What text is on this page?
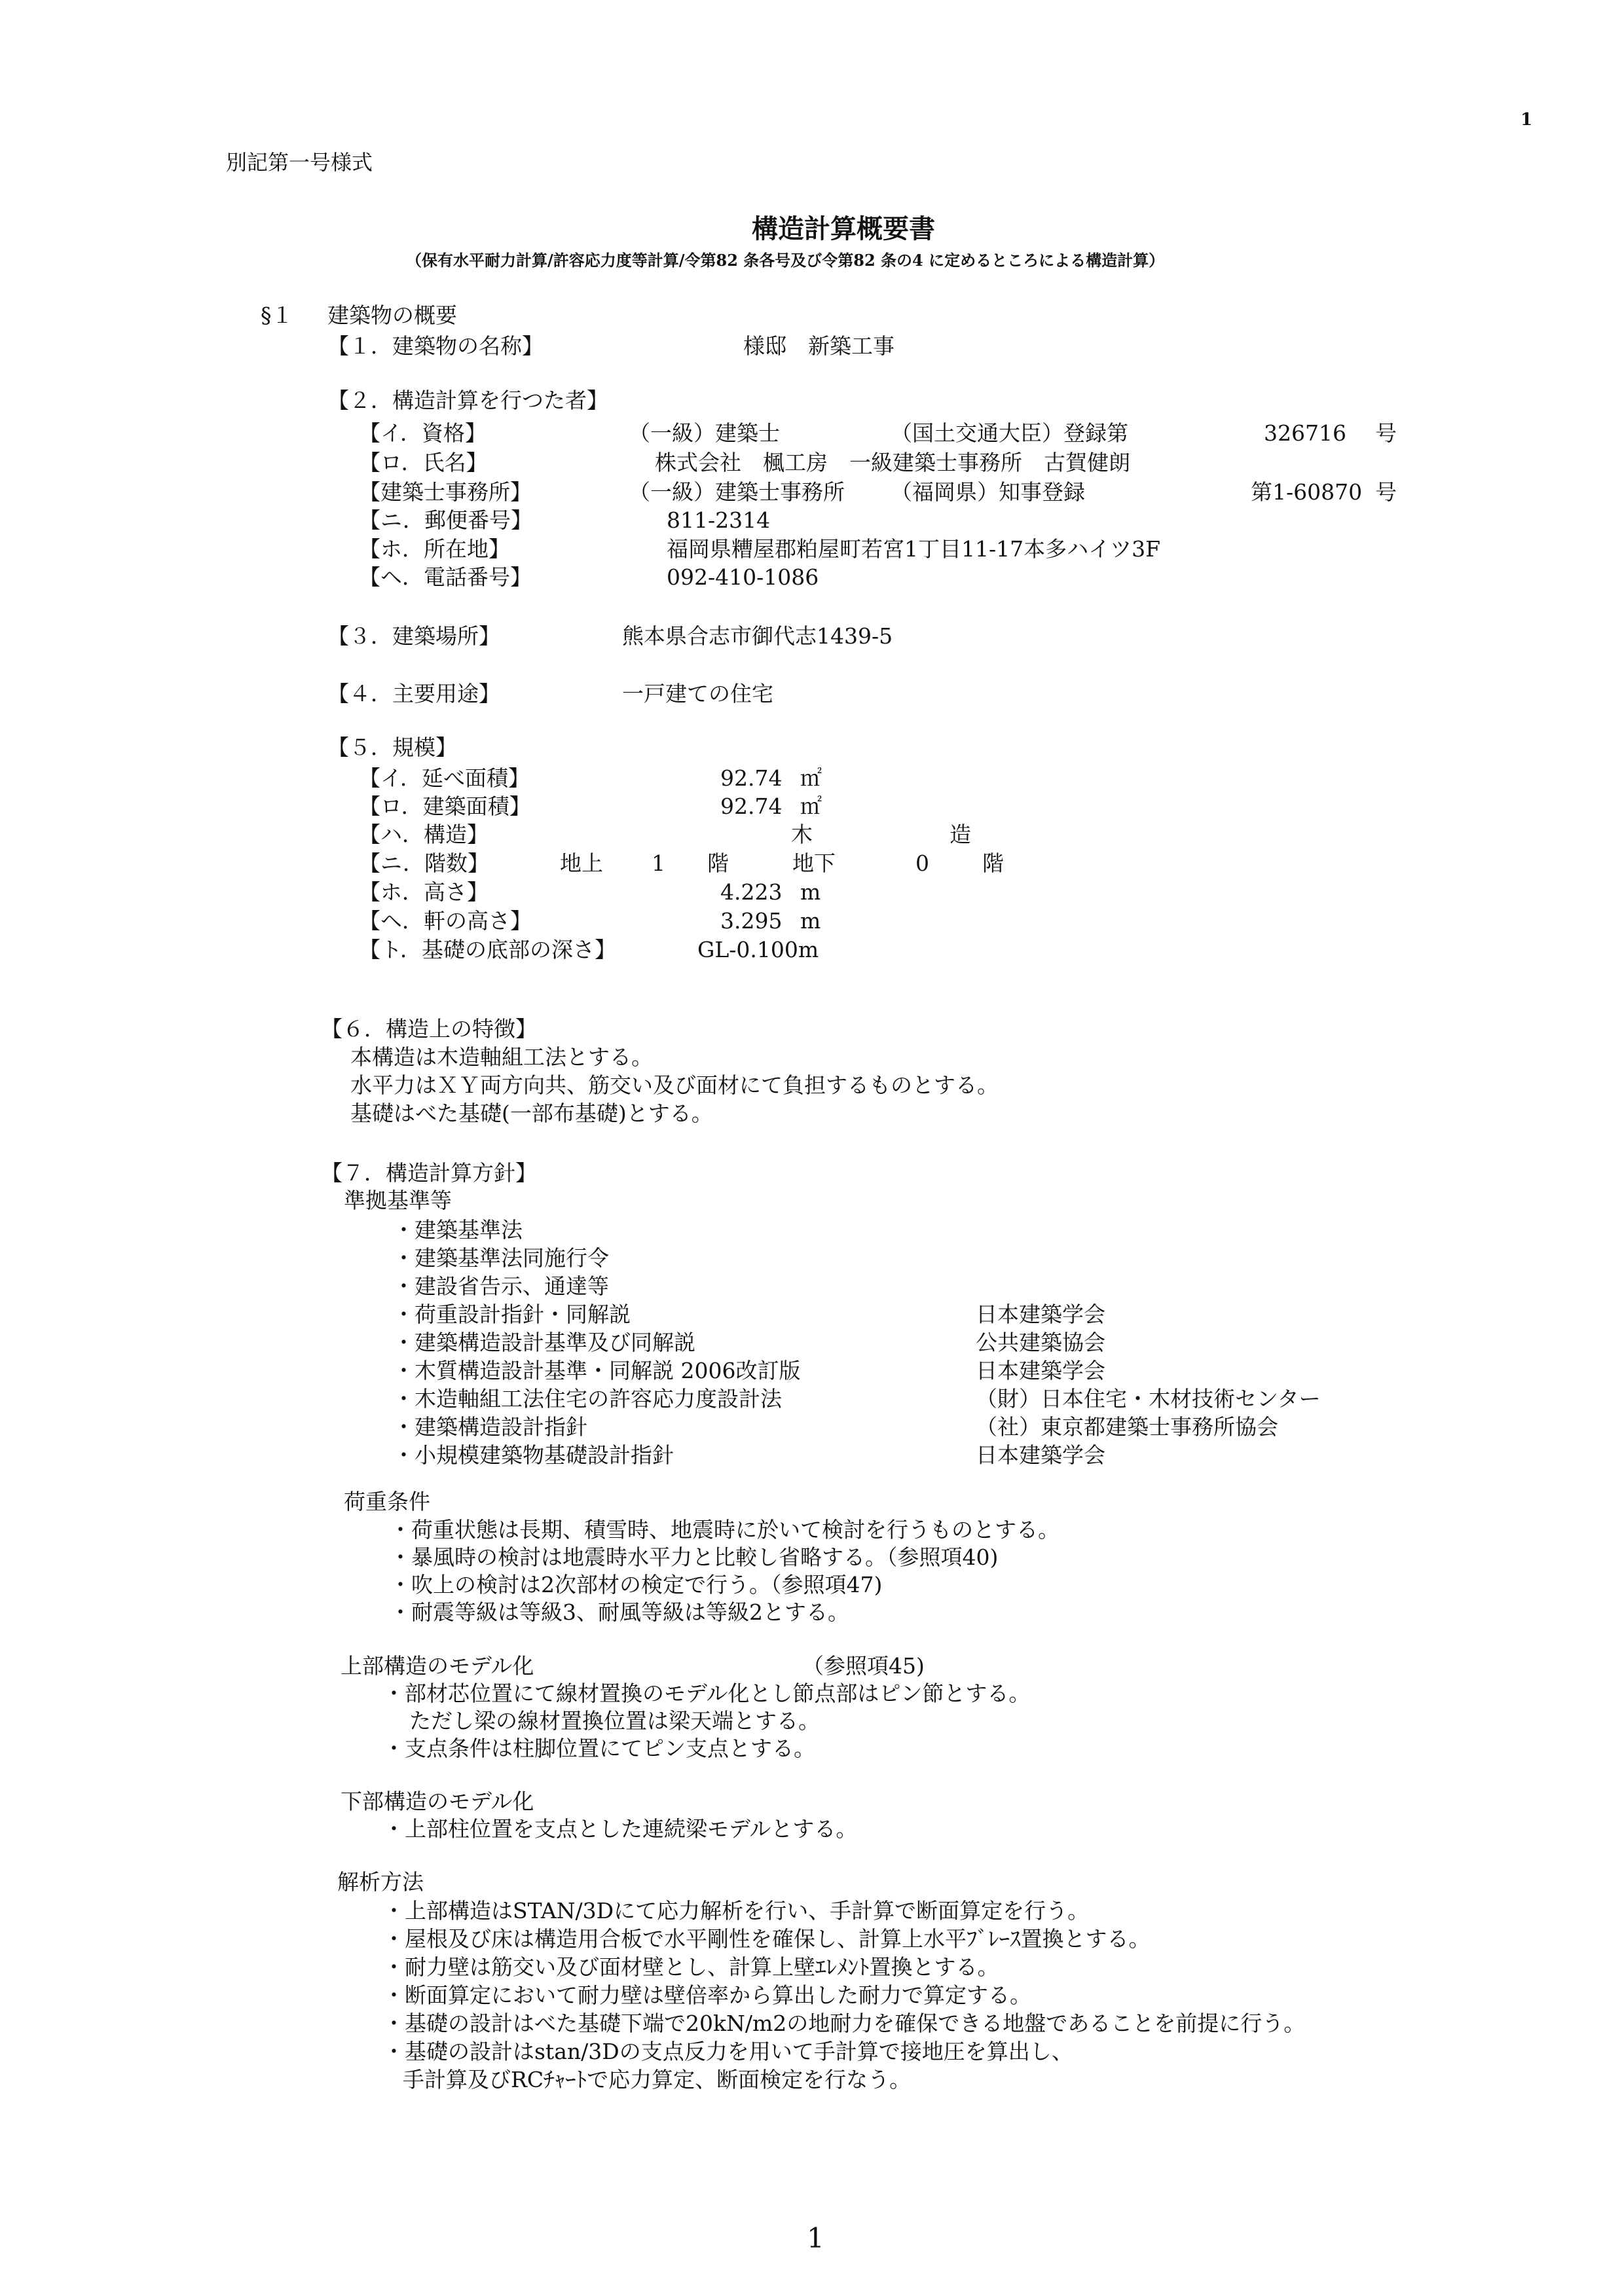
1
別記第一号様式
構造計算概要書
（保有水平耐力計算/許容応力度等計算/令第82 条各号及び令第82 条の4 に定めるところによる構造計算）
§１ 建築物の概要
【１．建築物の名称】	様邸　新築工事
【２．構造計算を行つた者】
【イ．資格】	（一級）建築士	（国土交通大臣）登録第	326716 号
【ロ．氏名】	株式会社　楓工房　一級建築士事務所　古賀健朗
【建築士事務所】	（一級）建築士事務所 （福岡県）知事登録	第1-60870 号
【ニ．郵便番号】	811-2314
【ホ．所在地】	福岡県糟屋郡粕屋町若宮1丁目11-17本多ハイツ3F
【ヘ．電話番号】	092-410-1086
【３．建築場所】	熊本県合志市御代志1439-5
【４．主要用途】	一戸建ての住宅
【５．規模】
【イ．延べ面積】	92.74 ㎡
【ロ．建築面積】	92.74 ㎡
【ハ．構造】	木	造
【ニ．階数】	地上 1 階	地下	0 階
【ホ．高さ】	4.223 m
【ヘ．軒の高さ】	3.295 m
【ト．基礎の底部の深さ】	GL-0.100m
【６．構造上の特徴】
本構造は木造軸組工法とする。
水平力はＸＹ両方向共、筋交い及び面材にて負担するものとする。
基礎はべた基礎(一部布基礎)とする。
【７．構造計算方針】
準拠基準等
・建築基準法
・建築基準法同施行令
・建設省告示、通達等
・荷重設計指針・同解説	日本建築学会
・建築構造設計基準及び同解説	公共建築協会
・木質構造設計基準・同解説 2006改訂版	日本建築学会
・木造軸組工法住宅の許容応力度設計法	（財）日本住宅・木材技術センター
・建築構造設計指針	（社）東京都建築士事務所協会
・小規模建築物基礎設計指針	日本建築学会
荷重条件
・荷重状態は長期、積雪時、地震時に於いて検討を行うものとする。
・暴風時の検討は地震時水平力と比較し省略する。（参照項40)
・吹上の検討は2次部材の検定で行う。（参照項47)
・耐震等級は等級3、耐風等級は等級2とする。
上部構造のモデル化	（参照項45)
・部材芯位置にて線材置換のモデル化とし節点部はピン節とする。
ただし梁の線材置換位置は梁天端とする。
・支点条件は柱脚位置にてピン支点とする。
下部構造のモデル化
・上部柱位置を支点とした連続梁モデルとする。
解析方法
・上部構造はSTAN/3Dにて応力解析を行い、手計算で断面算定を行う。
・屋根及び床は構造用合板で水平剛性を確保し、計算上水平ﾌﾞﾚｰｽ置換とする。
・耐力壁は筋交い及び面材壁とし、計算上壁ｴﾚﾒﾝﾄ置換とする。
・断面算定において耐力壁は壁倍率から算出した耐力で算定する。
・基礎の設計はべた基礎下端で20kN/m2の地耐力を確保できる地盤であることを前提に行う。
・基礎の設計はstan/3Dの支点反力を用いて手計算で接地圧を算出し、
手計算及びRCﾁｬｰﾄで応力算定、断面検定を行なう。
1
